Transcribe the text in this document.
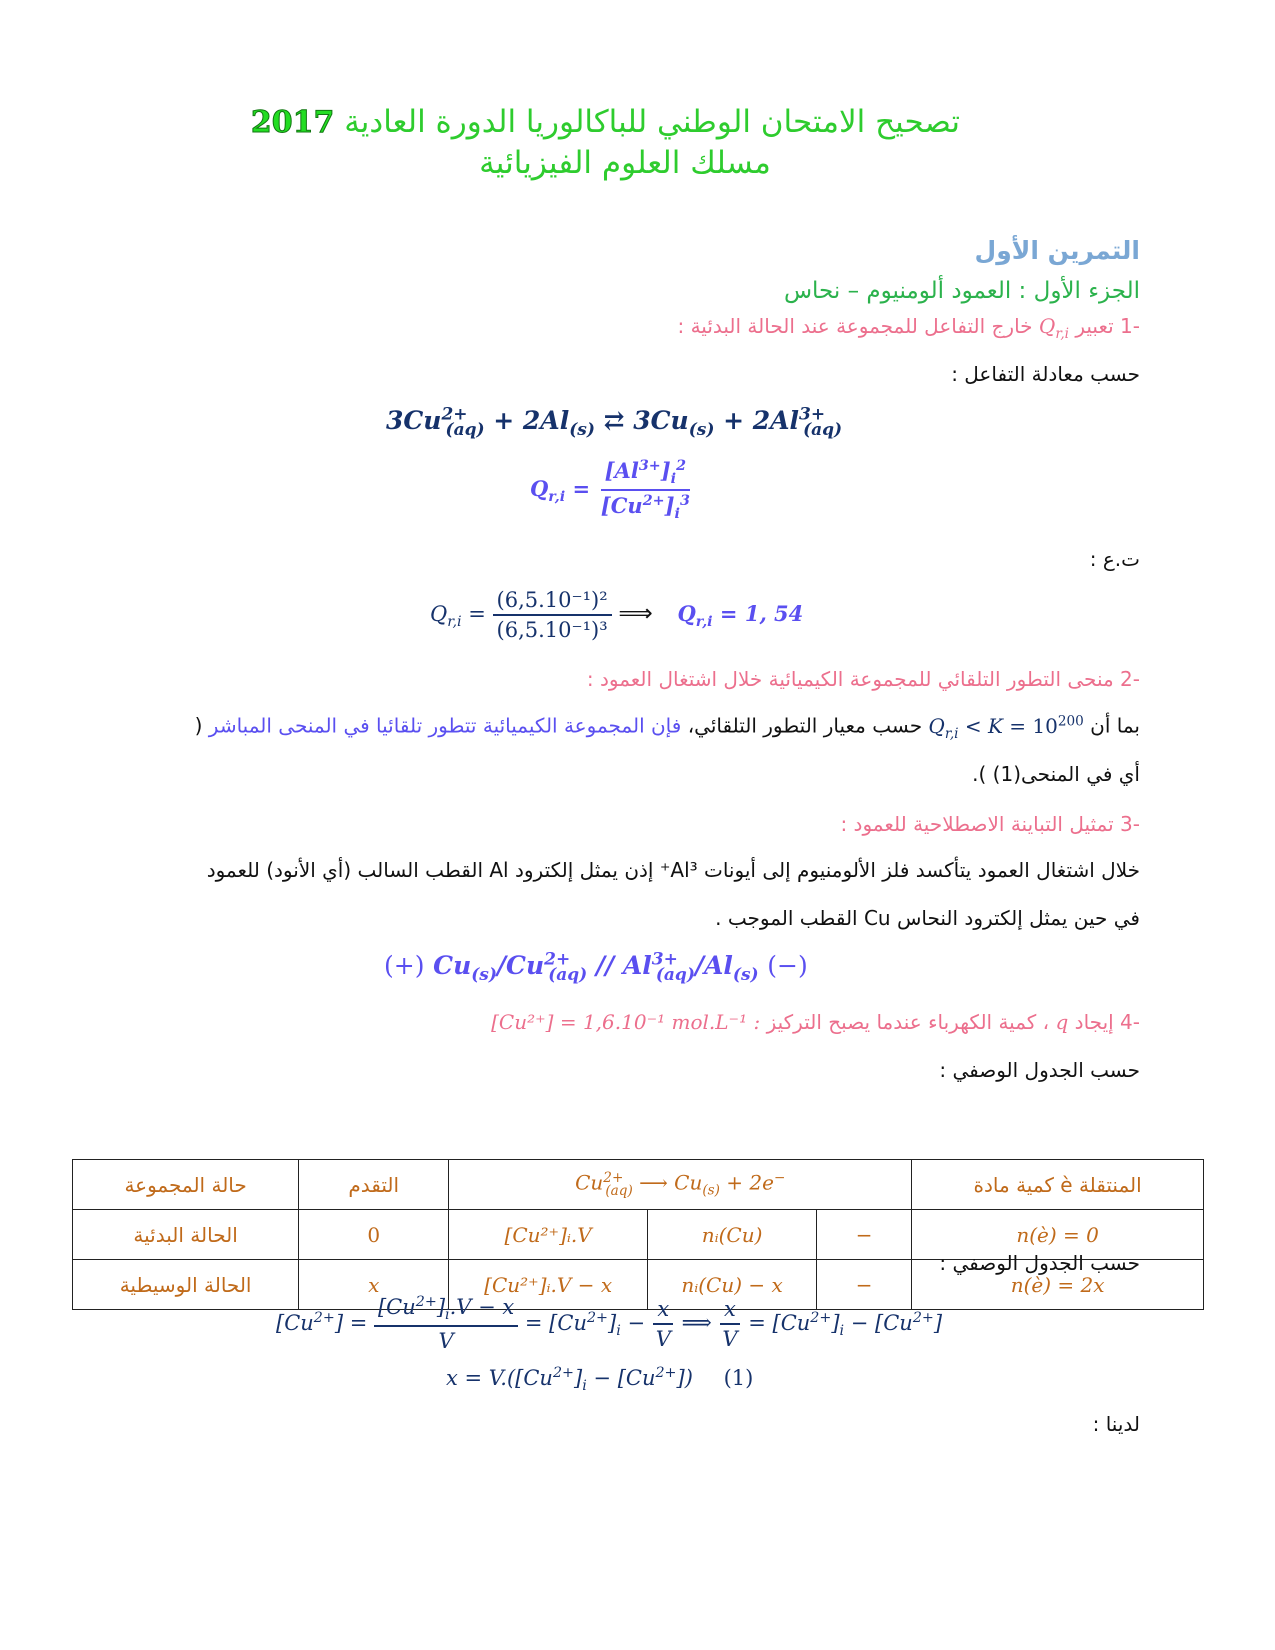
تصحيح الامتحان الوطني للباكالوريا الدورة العادية 2017
مسلك العلوم الفيزيائية
التمرين الأول
الجزء الأول : العمود ألومنيوم – نحاس
-1 تعبير $Q_{r,i}$ خارج التفاعل للمجموعة عند الحالة البدئية :
حسب معادلة التفاعل :
$3Cu^{2+}_{(aq)} + 2Al_{(s)}$ ⇄ $3Cu_{(s)} + 2Al^{3+}_{(aq)}$
$Q_{r,i} = \frac{[Al^{3+}]_i^2}{[Cu^{2+}]_i^3}$
ت.ع :
$Q_{r,i} = \frac{\text{(6,5.10⁻¹)²}}{\text{(6,5.10⁻¹)³}}$ ⟹ $Q_{r,i} = 1$, 54
-2 منحى التطور التلقائي للمجموعة الكيميائية خلال اشتغال العمود :
بما أن $Q_{r,i} < K = 10^{200}$ حسب معيار التطور التلقائي، فإن المجموعة الكيميائية تتطور تلقائيا في المنحى المباشر (
أي في المنحى(1) ).
-3 تمثيل التباينة الاصطلاحية للعمود :
خلال اشتغال العمود يتأكسد فلز الألومنيوم إلى أيونات Al³⁺ إذن يمثل إلكترود Al القطب السالب (أي الأنود) للعمود
في حين يمثل إلكترود النحاس Cu القطب الموجب .
(+) $Cu_{(s)}/Cu^{2+}_{(aq)} // Al^{3+}_{(aq)}/Al_{(s)}$ (−)
-4 إيجاد q ، كمية الكهرباء عندما يصبح التركيز [Cu²⁺] = 1,6.10⁻¹ mol.L⁻¹ :
حسب الجدول الوصفي :
حالة المجموعة	التقدم	$Cu^{2+}_{(aq)}$ ⟶ $Cu_{(s)} + 2e^-$			كمية مادة è المنتقلة
الحالة البدئية	0	[Cu²⁺]ᵢ.V	nᵢ(Cu)	−	n(è) = 0
الحالة الوسيطية	x	[Cu²⁺]ᵢ.V − x	nᵢ(Cu) − x	−	n(è) = 2x
حسب الجدول الوصفي :
$[Cu^{2+}] = \frac{[Cu^{2+}]_i.V - x}{V} = [Cu^{2+}]_i - \frac{x}{V}$ ⟹ $\frac{x}{V} = [Cu^{2+}]_i - [Cu^{2+}]$
$x = V.([Cu^{2+}]_i - [Cu^{2+}])$ (1)
لدينا :
